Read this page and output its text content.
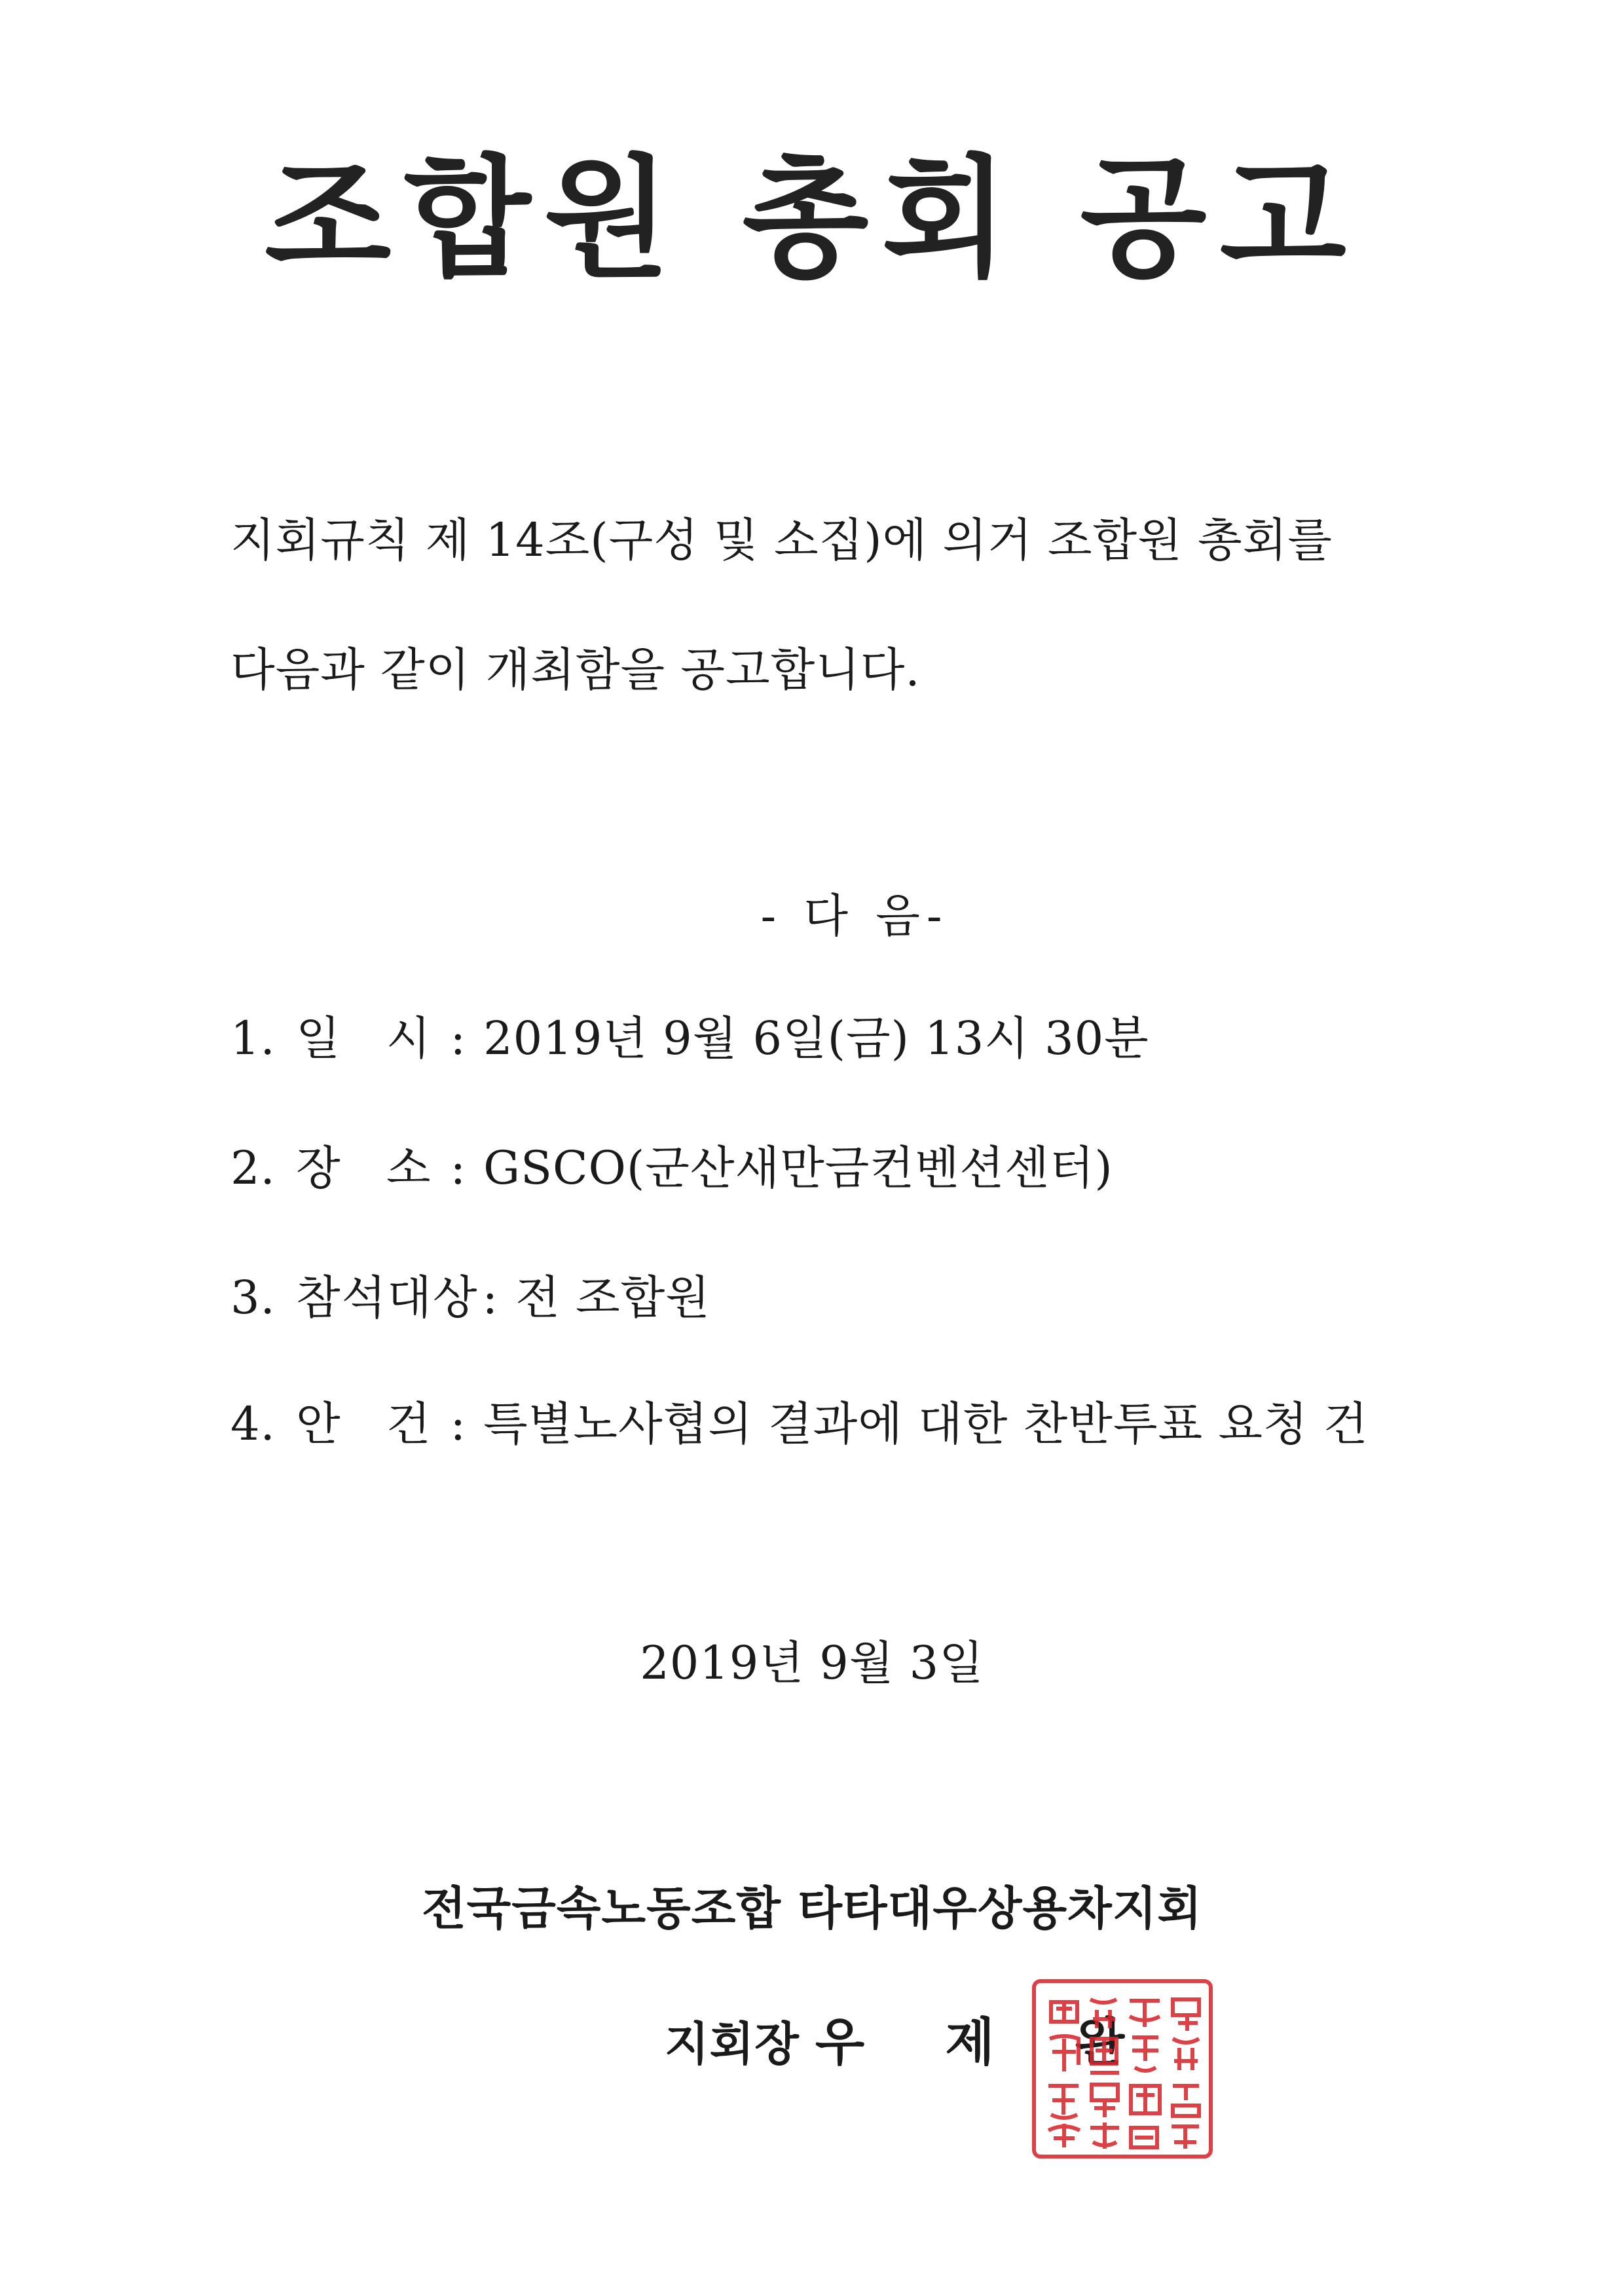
조합원 총회 공고
지회규칙 제 14조(구성 및 소집)에 의거 조합원 총회를
다음과 같이 개최함을 공고합니다.
- 다 음-
1. 일 시: 2019년 9월 6일(금) 13시 30분
2. 장 소: GSCO(군산새만금컨벤션센터)
3. 참석대상: 전 조합원
4. 안 건: 특별노사협의 결과에 대한 찬반투표 요청 건
2019년 9월 3일
전국금속노동조합 타타대우상용차지회
지회장 우 제 완
